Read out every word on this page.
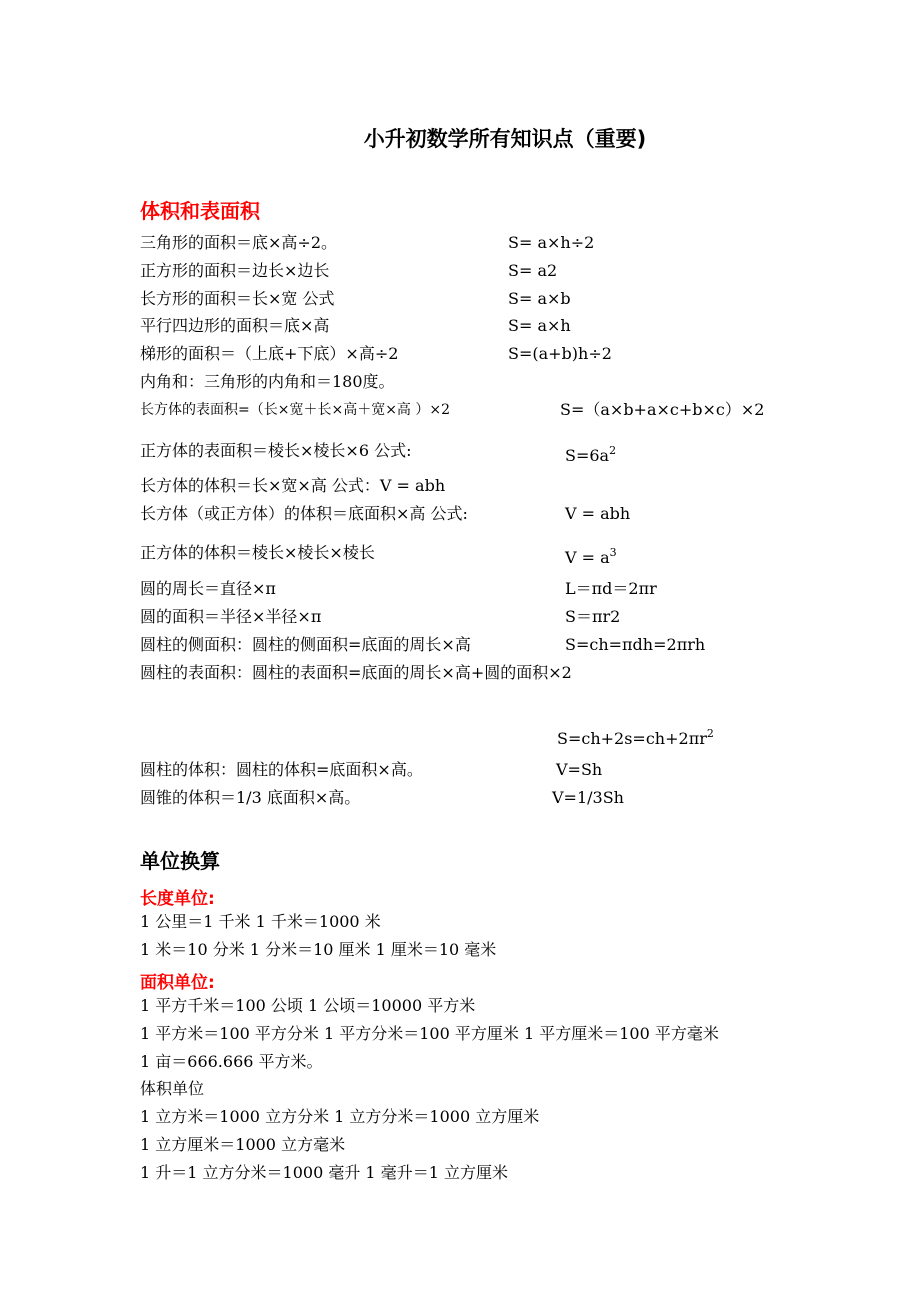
小升初数学所有知识点（重要)
体积和表面积
三角形的面积＝底×高÷2。	S= a×h÷2
正方形的面积＝边长×边长	S= a2
长方形的面积＝长×宽 公式	S= a×b
平行四边形的面积＝底×高	S= a×h
梯形的面积＝（上底+下底）×高÷2	S=(a+b)h÷2
内角和：三角形的内角和＝180度。
长方体的表面积=（长×宽＋长×高＋宽×高 ）×2	S=（a×b+a×c+b×c）×2
正方体的表面积＝棱长×棱长×6 公式:	$S=6a^2$
长方体的体积＝长×宽×高 公式：V = abh
长方体（或正方体）的体积＝底面积×高 公式:	V = abh
正方体的体积＝棱长×棱长×棱长	$V = a^3$
圆的周长＝直径×π	L＝πd＝2πr
圆的面积＝半径×半径×π	S＝πr2
圆柱的侧面积：圆柱的侧面积=底面的周长×高	S=ch=πdh=2πrh
圆柱的表面积：圆柱的表面积=底面的周长×高+圆的面积×2
$S=ch+2s=ch+2\pi r^2$
圆柱的体积：圆柱的体积=底面积×高。	V=Sh
圆锥的体积＝1/3 底面积×高。	V=1/3Sh
单位换算
长度单位:
1 公里＝1 千米 1 千米＝1000 米
1 米＝10 分米 1 分米＝10 厘米 1 厘米＝10 毫米
面积单位:
1 平方千米＝100 公顷 1 公顷＝10000 平方米
1 平方米＝100 平方分米 1 平方分米＝100 平方厘米 1 平方厘米＝100 平方毫米
1 亩＝666.666 平方米。
体积单位
1 立方米＝1000 立方分米 1 立方分米＝1000 立方厘米
1 立方厘米＝1000 立方毫米
1 升＝1 立方分米＝1000 毫升 1 毫升＝1 立方厘米
